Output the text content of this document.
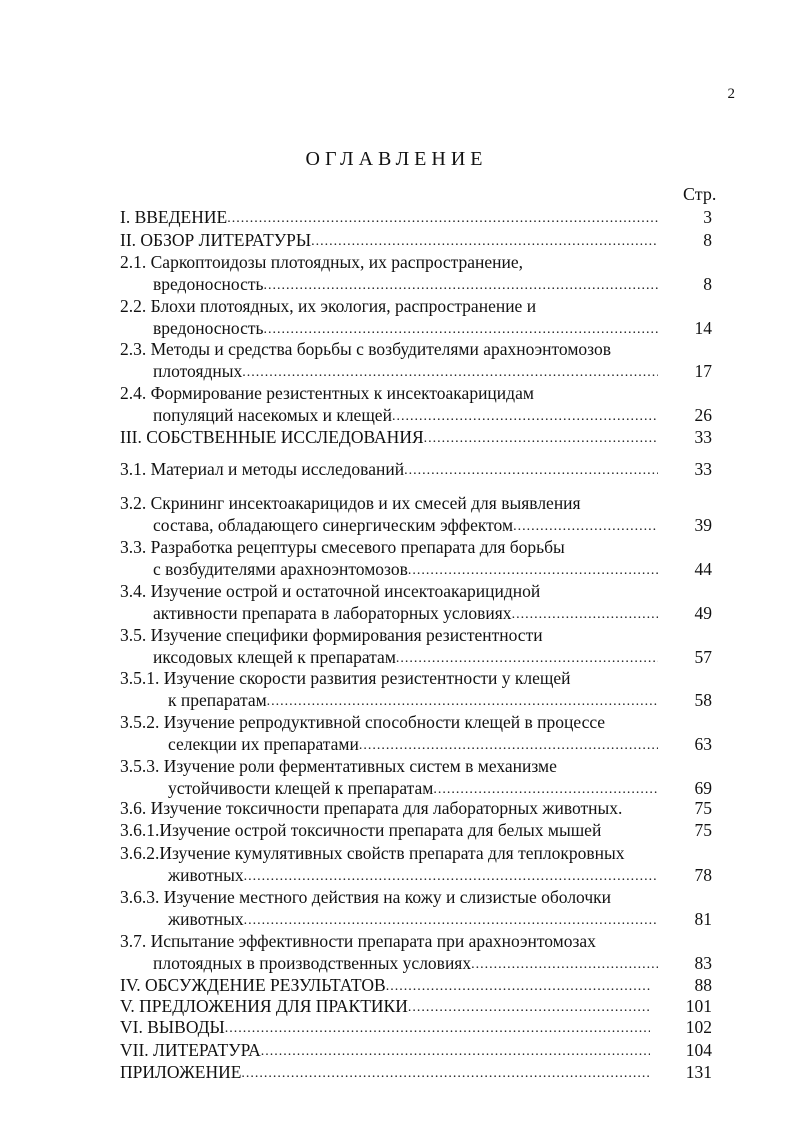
2
ОГЛАВЛЕНИЕ
Стр.
I. ВВЕДЕНИЕ .....	3
II. ОБЗОР ЛИТЕРАТУРЫ .....	8
2.1. Саркоптоидозы плотоядных, их распространение,
вредоносность .....	8
2.2. Блохи плотоядных, их экология, распространение и
вредоносность .....	14
2.3. Методы и средства борьбы с возбудителями арахноэнтомозов
плотоядных .....	17
2.4. Формирование резистентных к инсектоакарицидам
популяций насекомых и клещей .....	26
III. СОБСТВЕННЫЕ ИССЛЕДОВАНИЯ .....	33
3.1. Материал и методы исследований .....	33
3.2. Скрининг инсектоакарицидов и их смесей для выявления
состава, обладающего синергическим эффектом .....	39
3.3. Разработка рецептуры смесевого препарата для борьбы
с возбудителями арахноэнтомозов .....	44
3.4. Изучение острой и остаточной инсектоакарицидной
активности препарата в лабораторных условиях .....	49
3.5. Изучение специфики формирования резистентности
иксодовых клещей к препаратам .....	57
3.5.1. Изучение скорости развития резистентности у клещей
к препаратам .....	58
3.5.2. Изучение репродуктивной способности клещей в процессе
селекции их препаратами .....	63
3.5.3. Изучение роли ферментативных систем в механизме
устойчивости клещей к препаратам .....	69
3.6. Изучение токсичности препарата для лабораторных животных.	75
3.6.1.Изучение острой токсичности препарата для белых мышей	75
3.6.2.Изучение кумулятивных свойств препарата для теплокровных
животных .....	78
3.6.3. Изучение местного действия на кожу и слизистые оболочки
животных .....	81
3.7. Испытание эффективности препарата при арахноэнтомозах
плотоядных в производственных условиях .....	83
IV. ОБСУЖДЕНИЕ РЕЗУЛЬТАТОВ .....	88
V. ПРЕДЛОЖЕНИЯ ДЛЯ ПРАКТИКИ .....	101
VI. ВЫВОДЫ .....	102
VII. ЛИТЕРАТУРА .....	104
ПРИЛОЖЕНИЕ .....	131
